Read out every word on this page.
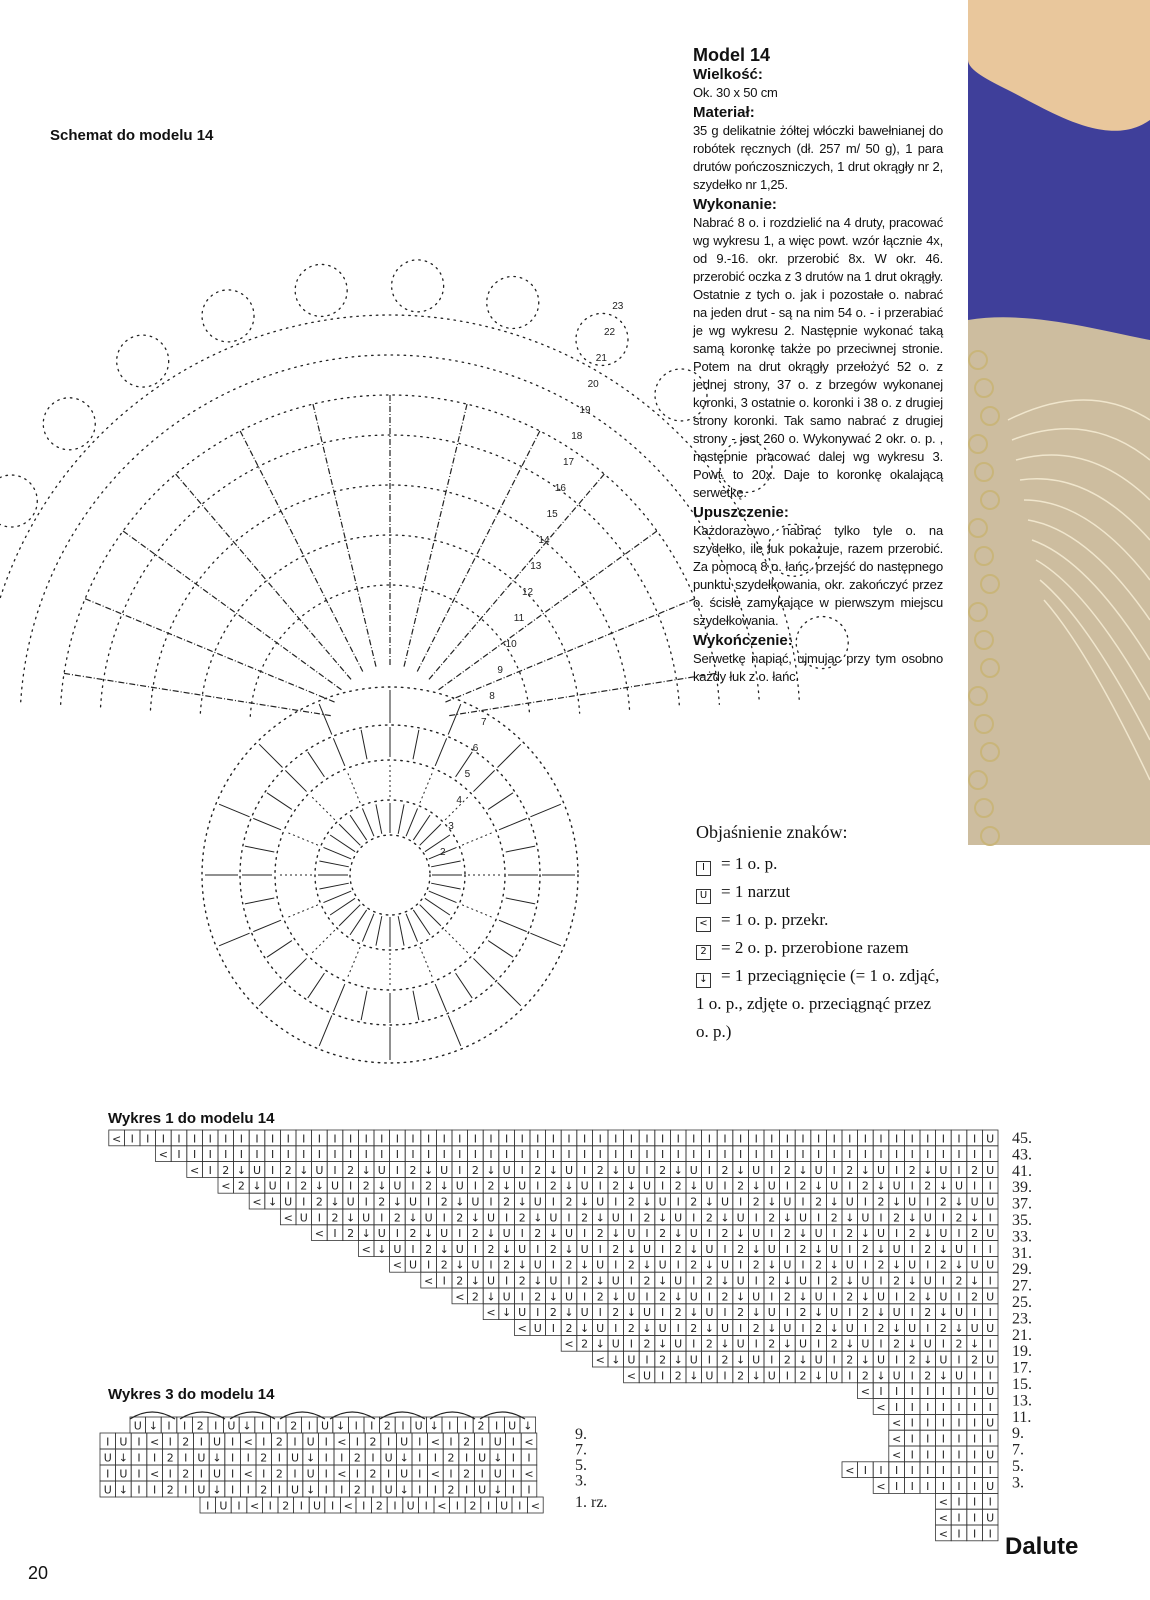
Schemat do modelu 14
2
3
4
5
6
7
8
9
10
11
12
13
14
15
16
17
18
19
20
21
22
23
Model 14
Wielkość:

Ok. 30 x 50 cm

Materiał:

35 g delikatnie żółtej włóczki bawełnianej do robótek ręcznych (dł. 257 m/ 50 g), 1 para drutów pończoszniczych, 1 drut okrągły nr 2, szydełko nr 1,25.

Wykonanie:

Nabrać 8 o. i rozdzielić na 4 druty, pracować wg wykresu 1, a więc powt. wzór łącznie 4x, od 9.-16. okr. przerobić 8x. W okr. 46. przerobić oczka z 3 drutów na 1 drut okrągły. Ostatnie z tych o. jak i pozostałe o. nabrać na jeden drut - są na nim 54 o. - i przerabiać je wg wykresu 2. Następnie wykonać taką samą koronkę także po przeciwnej stronie. Potem na drut okrągły przełożyć 52 o. z jednej strony, 37 o. z brzegów wykonanej koronki, 3 ostatnie o. koronki i 38 o. z drugiej strony koronki. Tak samo nabrać z drugiej strony - jest 260 o. Wykonywać 2 okr. o. p. , następnie pracować dalej wg wykresu 3. Powt. to 20x. Daje to koronkę okalającą serwetkę.

Upuszczenie:

Każdorazowo nabrać tylko tyle o. na szydełko, ile łuk pokazuje, razem przerobić. Za pomocą 8 o. łańc. przejść do następnego punktu szydełkowania, okr. zakończyć przez o. ścisłe zamykające w pierwszym miejscu szydełkowania.

Wykończenie:

Serwetkę napiąć, ujmując przy tym osobno każdy łuk z o. łańc.

Objaśnienie znaków:
I = 1 o. p.
U = 1 narzut
< = 1 o. p. przekr.
2 = 2 o. p. przerobione razem
↓ = 1 przeciągnięcie (= 1 o. zdjąć, 1 o. p., zdjęte o. przeciągnąć przez o. p.)
Wykres 1 do modelu 14
U
I
I
I
I
I
I
I
I
I
I
I
I
I
I
I
I
I
I
I
I
I
I
I
I
I
I
I
I
I
I
I
I
I
I
I
I
I
I
I
I
I
I
I
I
I
I
I
I
I
I
I
I
I
I
I
<
I
I
I
I
I
I
I
I
I
I
I
I
I
I
I
I
I
I
I
I
I
I
I
I
I
I
I
I
I
I
I
I
I
I
I
I
I
I
I
I
I
I
I
I
I
I
I
I
I
I
I
I
I
<
U
2
I
U
↓
2
I
U
↓
2
I
U
↓
2
I
U
↓
2
I
U
↓
2
I
U
↓
2
I
U
↓
2
I
U
↓
2
I
U
↓
2
I
U
↓
2
I
U
↓
2
I
U
↓
2
I
<
I
I
U
↓
2
I
U
↓
2
I
U
↓
2
I
U
↓
2
I
U
↓
2
I
U
↓
2
I
U
↓
2
I
U
↓
2
I
U
↓
2
I
U
↓
2
I
U
↓
2
I
U
↓
2
<
U
U
↓
2
I
U
↓
2
I
U
↓
2
I
U
↓
2
I
U
↓
2
I
U
↓
2
I
U
↓
2
I
U
↓
2
I
U
↓
2
I
U
↓
2
I
U
↓
2
I
U
↓
<
I
↓
2
I
U
↓
2
I
U
↓
2
I
U
↓
2
I
U
↓
2
I
U
↓
2
I
U
↓
2
I
U
↓
2
I
U
↓
2
I
U
↓
2
I
U
↓
2
I
U
<
U
2
I
U
↓
2
I
U
↓
2
I
U
↓
2
I
U
↓
2
I
U
↓
2
I
U
↓
2
I
U
↓
2
I
U
↓
2
I
U
↓
2
I
U
↓
2
I
<
I
I
U
↓
2
I
U
↓
2
I
U
↓
2
I
U
↓
2
I
U
↓
2
I
U
↓
2
I
U
↓
2
I
U
↓
2
I
U
↓
2
I
U
↓
<
U
U
↓
2
I
U
↓
2
I
U
↓
2
I
U
↓
2
I
U
↓
2
I
U
↓
2
I
U
↓
2
I
U
↓
2
I
U
↓
2
I
U
<
I
↓
2
I
U
↓
2
I
U
↓
2
I
U
↓
2
I
U
↓
2
I
U
↓
2
I
U
↓
2
I
U
↓
2
I
U
↓
2
I
<
U
2
I
U
↓
2
I
U
↓
2
I
U
↓
2
I
U
↓
2
I
U
↓
2
I
U
↓
2
I
U
↓
2
I
U
↓
2
<
I
I
U
↓
2
I
U
↓
2
I
U
↓
2
I
U
↓
2
I
U
↓
2
I
U
↓
2
I
U
↓
2
I
U
↓
<
U
U
↓
2
I
U
↓
2
I
U
↓
2
I
U
↓
2
I
U
↓
2
I
U
↓
2
I
U
↓
2
I
U
<
I
↓
2
I
U
↓
2
I
U
↓
2
I
U
↓
2
I
U
↓
2
I
U
↓
2
I
U
↓
2
<
U
2
I
U
↓
2
I
U
↓
2
I
U
↓
2
I
U
↓
2
I
U
↓
2
I
U
↓
<
I
I
U
↓
2
I
U
↓
2
I
U
↓
2
I
U
↓
2
I
U
↓
2
I
U
<
U
I
I
I
I
I
I
I
<
I
I
I
I
I
I
I
<
U
I
I
I
I
I
<
I
I
I
I
I
I
<
U
I
I
I
I
I
<
I
I
I
I
I
I
I
I
I
<
U
I
I
I
I
I
I
<
I
I
I
<
U
I
I
<
I
I
I
<
45.
43.
41.
39.
37.
35.
33.
31.
29.
27.
25.
23.
21.
19.
17.
15.
13.
11.
9.
7.
5.
3.
Wykres 3 do modelu 14
U ↓ I I 2 I U ↓ I I 2 I U ↓ I I 2 I U ↓ I I 2 I U ↓
I U I < I 2 I U I < I 2 I U I < I 2 I U I < I 2 I U I <
U ↓ I I 2 I U ↓ I I 2 I U ↓ I I 2 I U ↓ I I 2 I U ↓ I I
I U I < I 2 I U I < I 2 I U I < I 2 I U I < I 2 I U I <
U ↓ I I 2 I U ↓ I I 2 I U ↓ I I 2 I U ↓ I I 2 I U ↓ I I
I U I < I 2 I U I < I 2 I U I < I 2 I U I <
9.
7.
5.
3.
1. rz.
20
Dalute
